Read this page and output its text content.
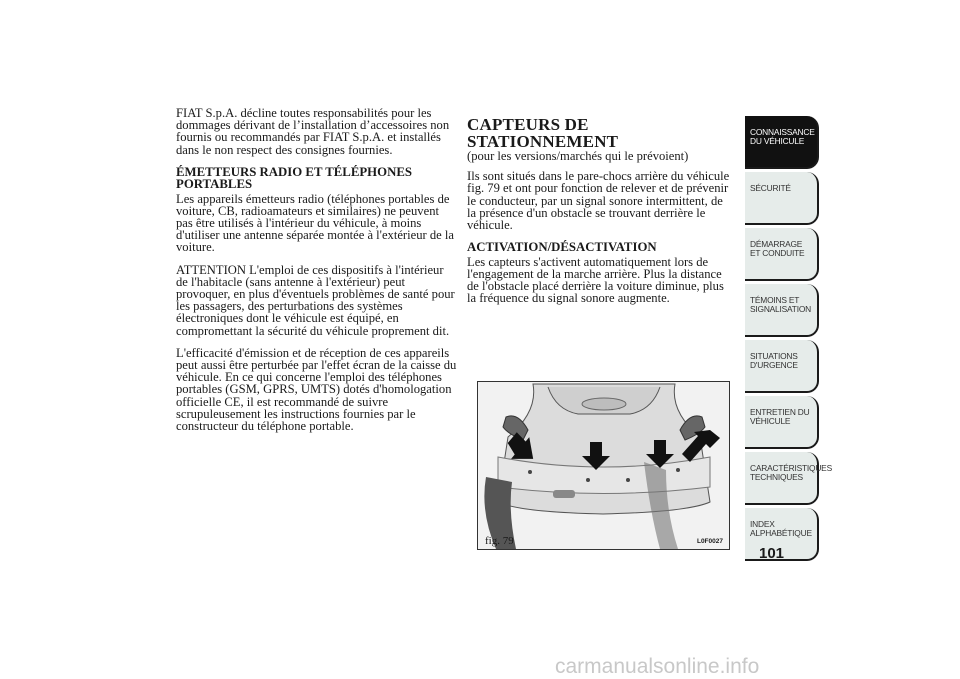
FIAT S.p.A. décline toutes responsabilités pour les dommages dérivant de l’installation d’accessoires non fournis ou recommandés par FIAT S.p.A. et installés dans le non respect des consignes fournies.

ÉMETTEURS RADIO ET TÉLÉPHONES PORTABLES

Les appareils émetteurs radio (téléphones portables de voiture, CB, radioamateurs et similaires) ne peuvent pas être utilisés à l'intérieur du véhicule, à moins d'utiliser une antenne séparée montée à l'extérieur de la voiture.

ATTENTION L'emploi de ces dispositifs à l'intérieur de l'habitacle (sans antenne à l'extérieur) peut provoquer, en plus d'éventuels problèmes de santé pour les passagers, des perturbations des systèmes électroniques dont le véhicule est équipé, en compromettant la sécurité du véhicule proprement dit.

L'efficacité d'émission et de réception de ces appareils peut aussi être perturbée par l'effet écran de la caisse du véhicule. En ce qui concerne l'emploi des téléphones portables (GSM, GPRS, UMTS) dotés d'homologation officielle CE, il est recommandé de suivre scrupuleusement les instructions fournies par le constructeur du téléphone portable.

CAPTEURS DE STATIONNEMENT

(pour les versions/marchés qui le prévoient)

Ils sont situés dans le pare-chocs arrière du véhicule fig. 79 et ont pour fonction de relever et de prévenir le conducteur, par un signal sonore intermittent, de la présence d'un obstacle se trouvant derrière le véhicule.

ACTIVATION/DÉSACTIVATION

Les capteurs s'activent automatiquement lors de l'engagement de la marche arrière. Plus la distance de l'obstacle placé derrière la voiture diminue, plus la fréquence du signal sonore augmente.

fig. 79	L0F0027
CONNAISSANCE DU VÉHICULE
SÉCURITÉ
DÉMARRAGE ET CONDUITE
TÉMOINS ET SIGNALISATION
SITUATIONS D'URGENCE
ENTRETIEN DU VÉHICULE
CARACTÉRISTIQUES TECHNIQUES
INDEX ALPHABÉTIQUE
101
carmanualsonline.info
